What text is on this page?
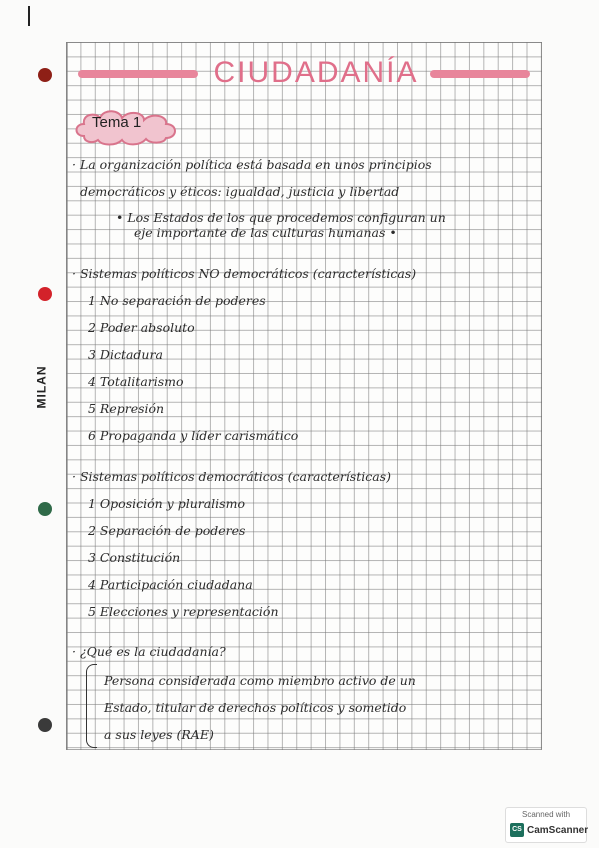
MILAN
CIUDADANÍA
Tema 1
· La organización política está basada en unos principios
democráticos y éticos: igualdad, justicia y libertad
• Los Estados de los que procedemos configuran un
eje importante de las culturas humanas •
· Sistemas políticos NO democráticos (características)
1 No separación de poderes
2 Poder absoluto
3 Dictadura
4 Totalitarismo
5 Represión
6 Propaganda y líder carismático
· Sistemas políticos democráticos (características)
1 Oposición y pluralismo
2 Separación de poderes
3 Constitución
4 Participación ciudadana
5 Elecciones y representación
· ¿Qué es la ciudadanía?
Persona considerada como miembro activo de un
Estado, titular de derechos políticos y sometido
a sus leyes (RAE)
Scanned with
CS CamScanner
